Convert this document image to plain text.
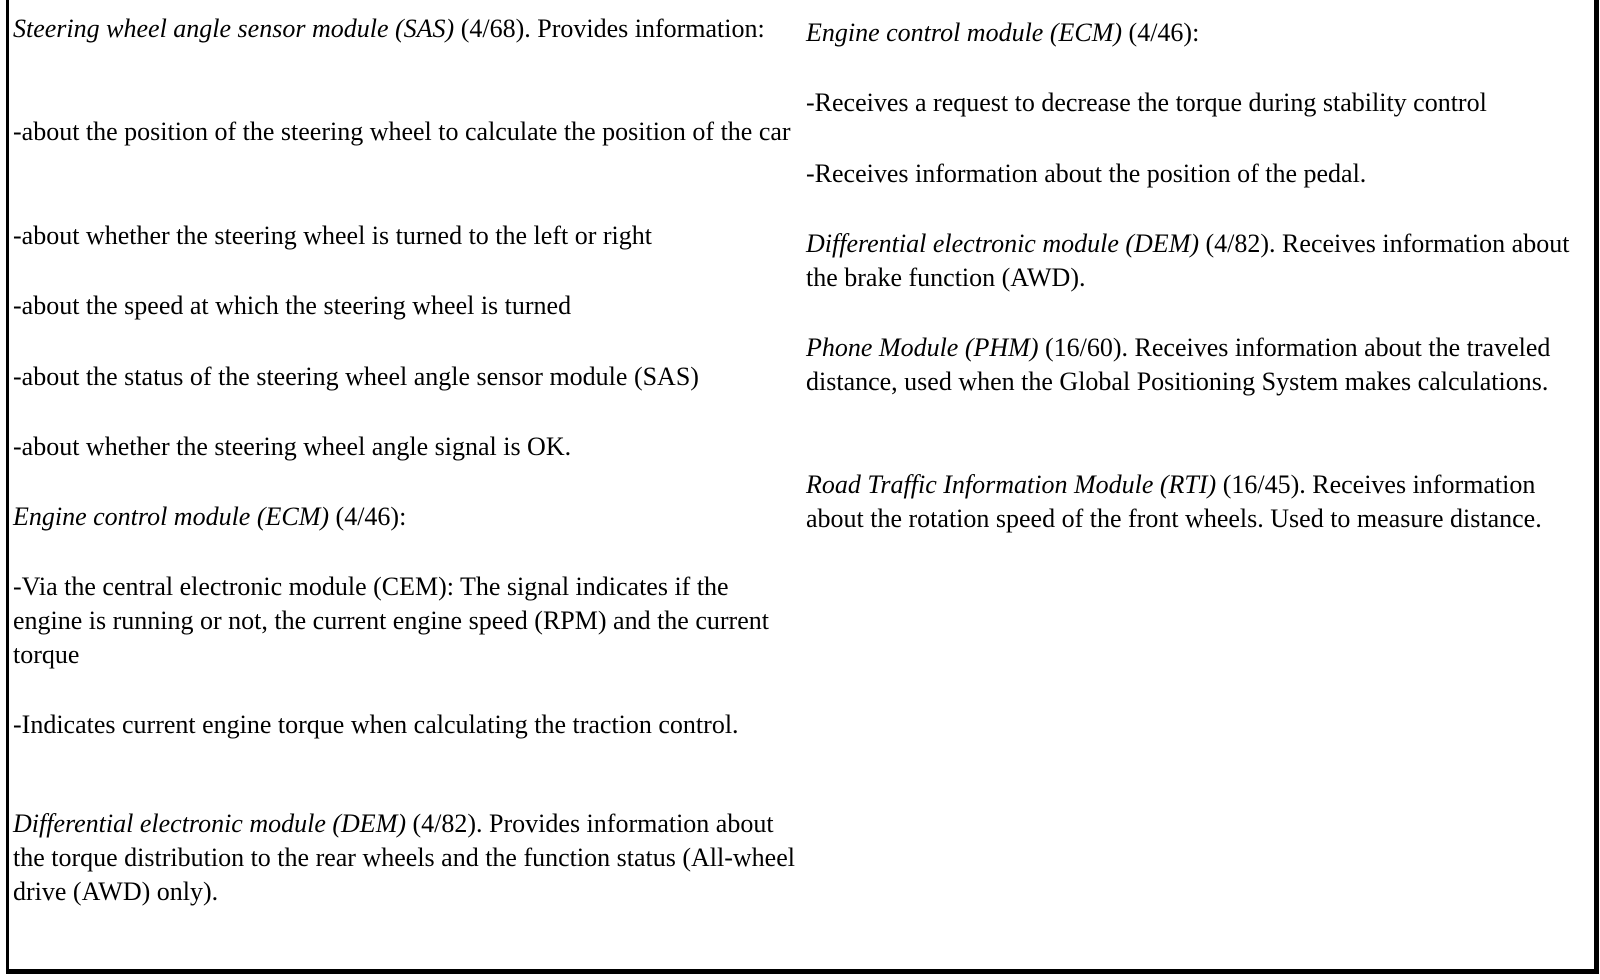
Steering wheel angle sensor module (SAS) (4/68). Provides information:

-about the position of the steering wheel to calculate the position of the car

-about whether the steering wheel is turned to the left or right

-about the speed at which the steering wheel is turned

-about the status of the steering wheel angle sensor module (SAS)

-about whether the steering wheel angle signal is OK.

Engine control module (ECM) (4/46):

-Via the central electronic module (CEM): The signal indicates if the engine is running or not, the current engine speed (RPM) and the current torque

-Indicates current engine torque when calculating the traction control.

Differential electronic module (DEM) (4/82). Provides information about the torque distribution to the rear wheels and the function status (All-wheel drive (AWD) only).

Engine control module (ECM) (4/46):

-Receives a request to decrease the torque during stability control

-Receives information about the position of the pedal.

Differential electronic module (DEM) (4/82). Receives information about the brake function (AWD).

Phone Module (PHM) (16/60). Receives information about the traveled distance, used when the Global Positioning System makes calculations.

Road Traffic Information Module (RTI) (16/45). Receives information about the rotation speed of the front wheels. Used to measure distance.
